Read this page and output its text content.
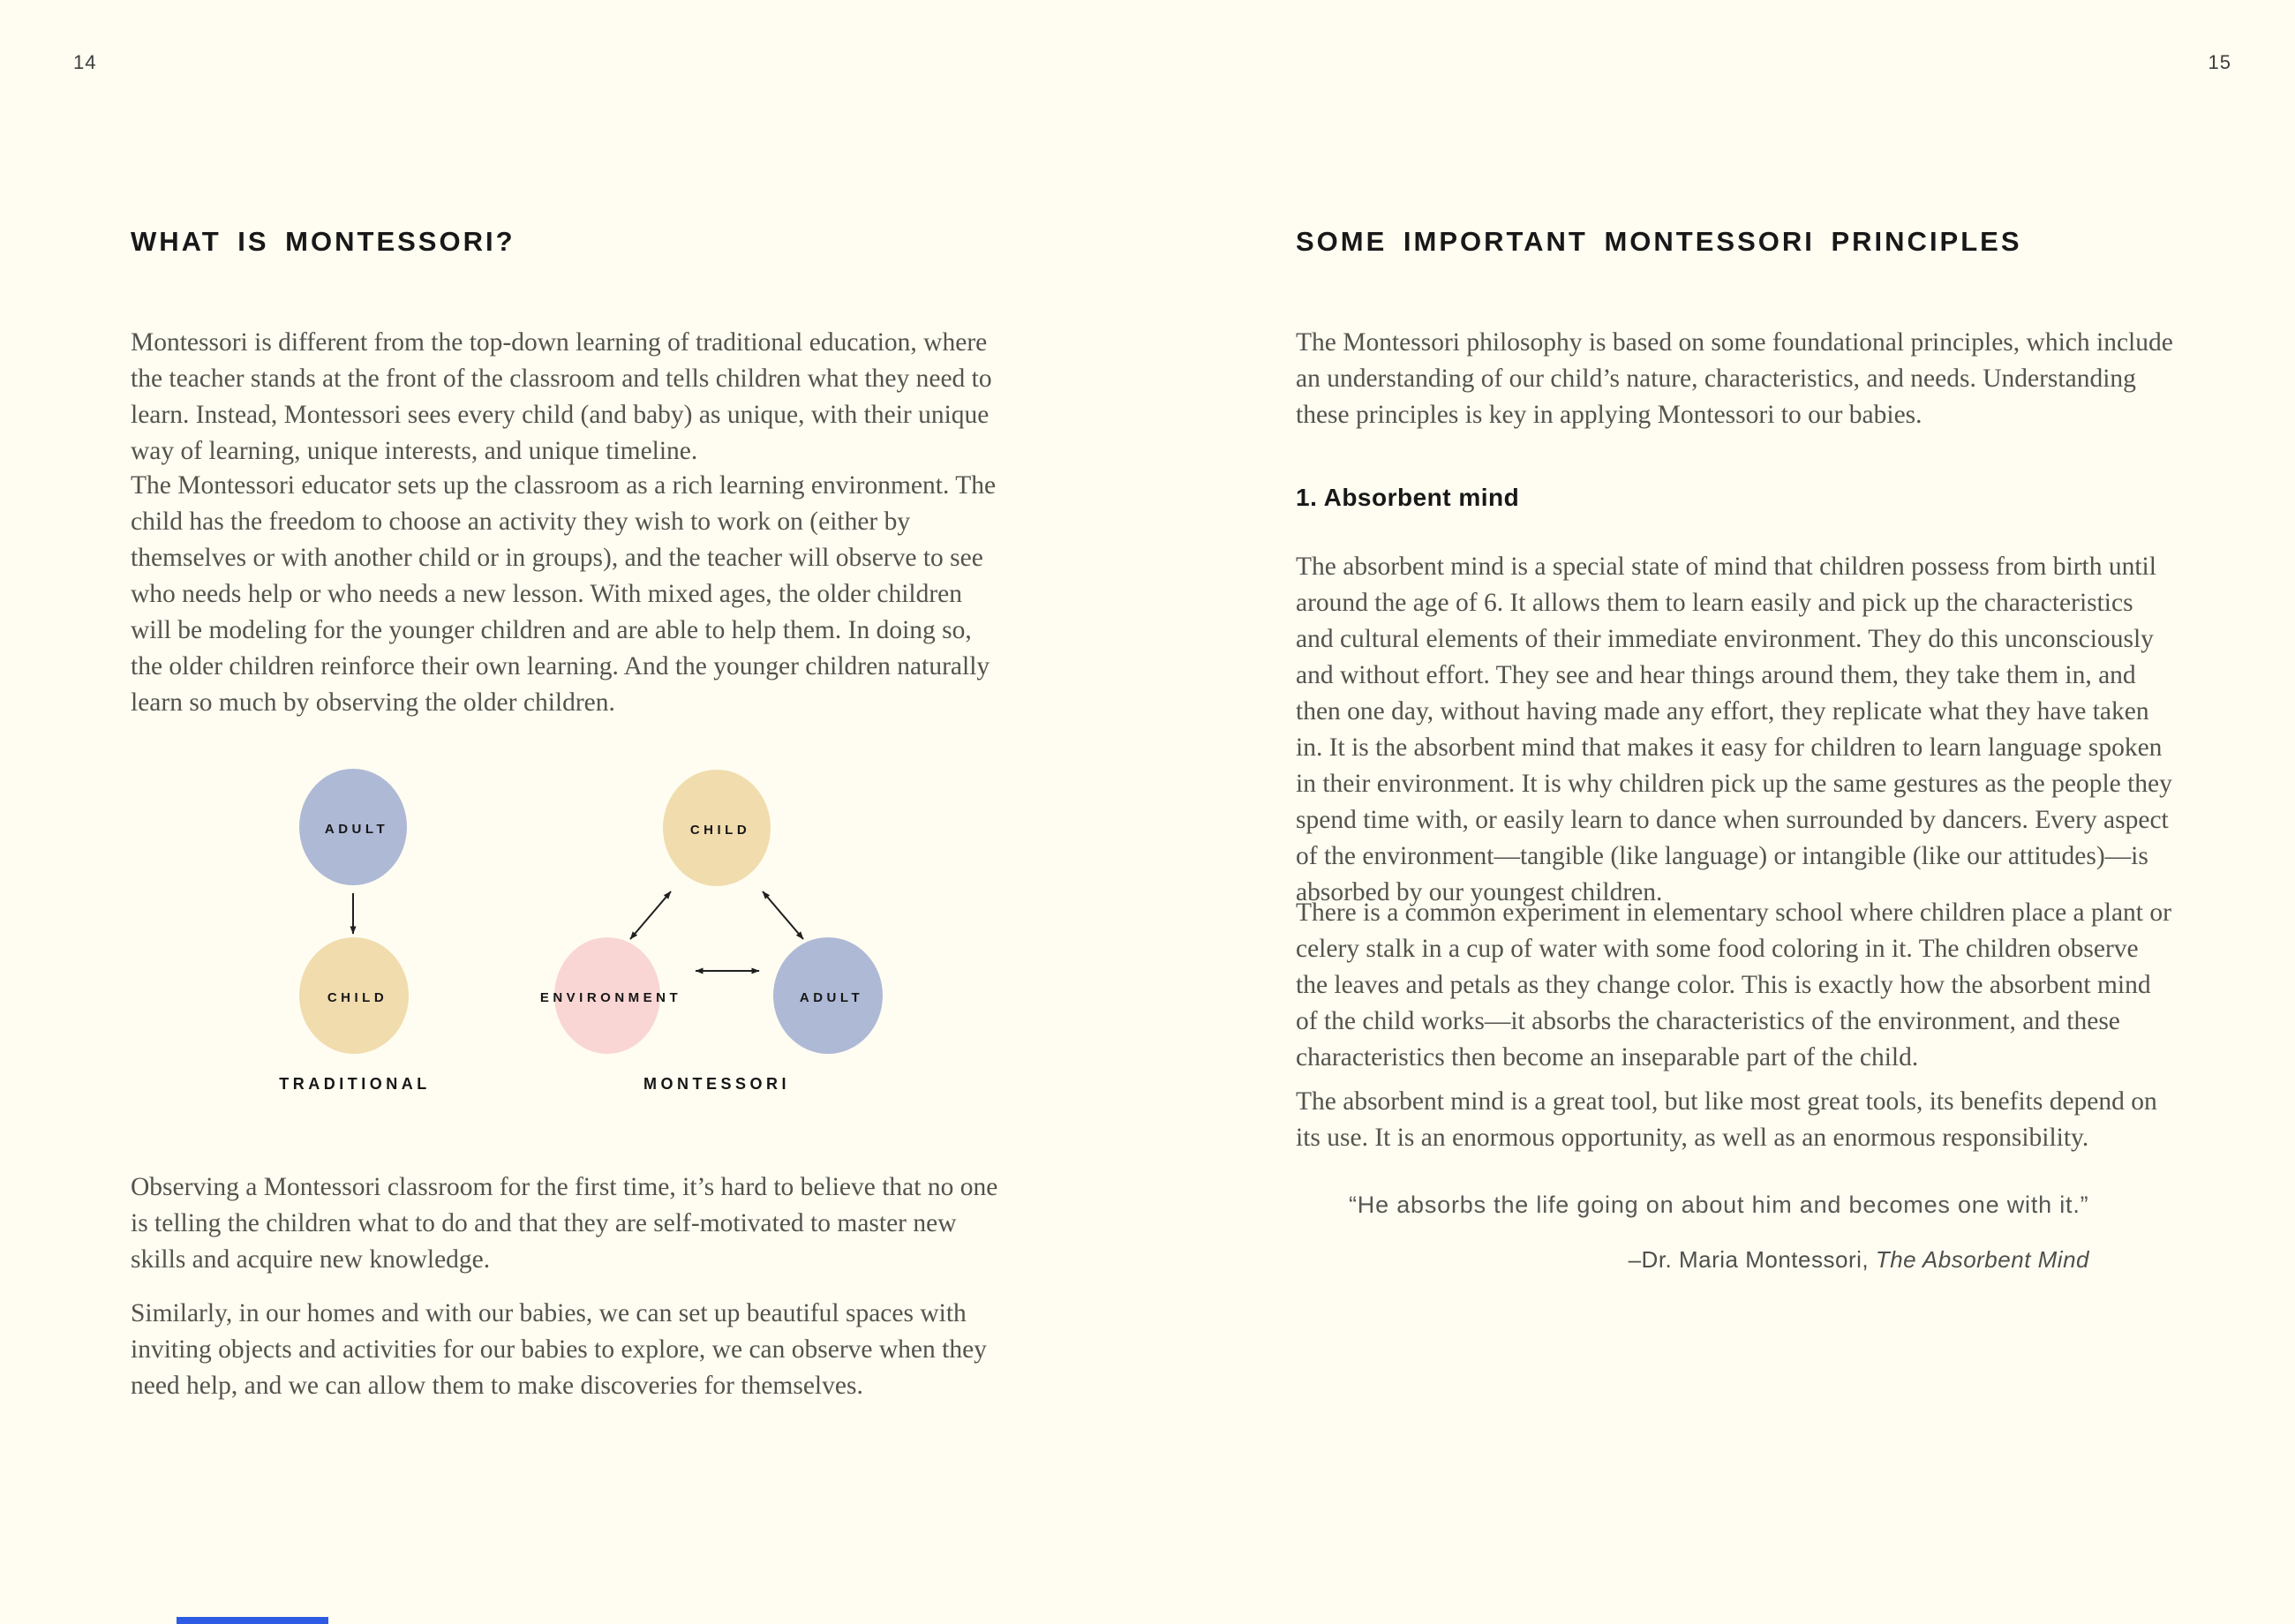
14
WHAT IS MONTESSORI?
Montessori is different from the top-down learning of traditional education, where the teacher stands at the front of the classroom and tells children what they need to learn. Instead, Montessori sees every child (and baby) as unique, with their unique way of learning, unique interests, and unique timeline.
The Montessori educator sets up the classroom as a rich learning environment. The child has the freedom to choose an activity they wish to work on (either by themselves or with another child or in groups), and the teacher will observe to see who needs help or who needs a new lesson. With mixed ages, the older children will be modeling for the younger children and are able to help them. In doing so, the older children reinforce their own learning. And the younger children naturally learn so much by observing the older children.
ADULT
CHILD
TRADITIONAL
CHILD
ENVIRONMENT	ADULT
MONTESSORI
Observing a Montessori classroom for the first time, it’s hard to believe that no one is telling the children what to do and that they are self-motivated to master new skills and acquire new knowledge.
Similarly, in our homes and with our babies, we can set up beautiful spaces with inviting objects and activities for our babies to explore, we can observe when they need help, and we can allow them to make discoveries for themselves.
15
SOME IMPORTANT MONTESSORI PRINCIPLES
The Montessori philosophy is based on some foundational principles, which include an understanding of our child’s nature, characteristics, and needs. Understanding these principles is key in applying Montessori to our babies.
1. Absorbent mind
The absorbent mind is a special state of mind that children possess from birth until around the age of 6. It allows them to learn easily and pick up the characteristics and cultural elements of their immediate environment. They do this unconsciously and without effort. They see and hear things around them, they take them in, and then one day, without having made any effort, they replicate what they have taken in. It is the absorbent mind that makes it easy for children to learn language spoken in their environment. It is why children pick up the same gestures as the people they spend time with, or easily learn to dance when surrounded by dancers. Every aspect of the environment—tangible (like language) or intangible (like our attitudes)—is absorbed by our youngest children.
There is a common experiment in elementary school where children place a plant or celery stalk in a cup of water with some food coloring in it. The children observe the leaves and petals as they change color. This is exactly how the absorbent mind of the child works—it absorbs the characteristics of the environment, and these characteristics then become an inseparable part of the child.
The absorbent mind is a great tool, but like most great tools, its benefits depend on its use. It is an enormous opportunity, as well as an enormous responsibility.
“He absorbs the life going on about him and becomes one with it.”
–Dr. Maria Montessori, The Absorbent Mind
